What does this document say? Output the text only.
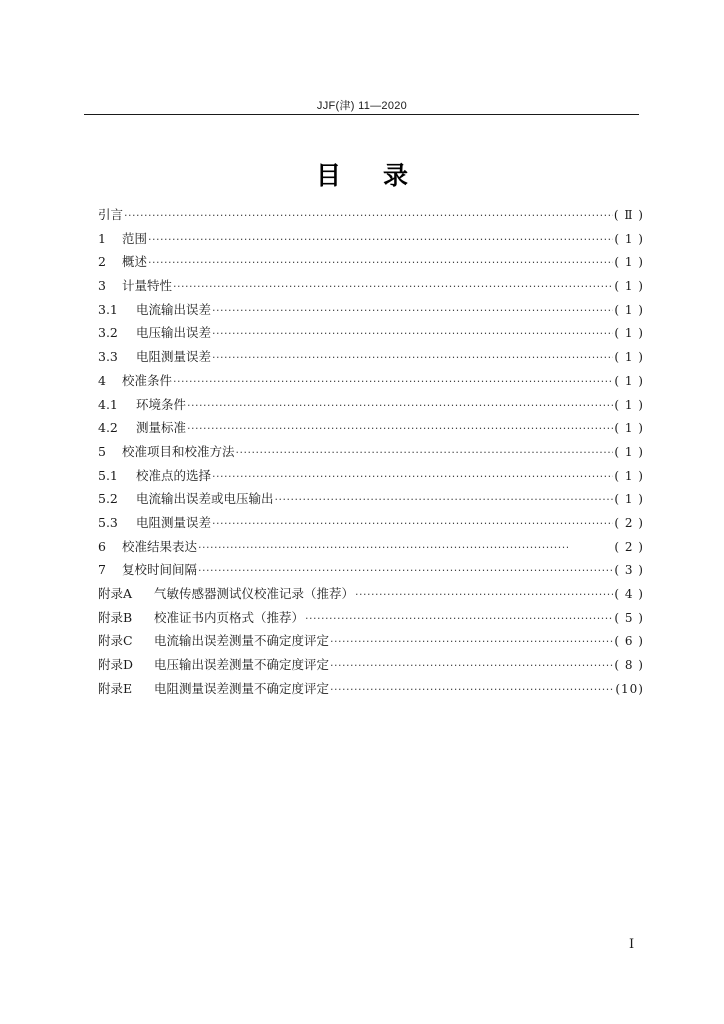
JJF(津) 11—2020
目 录
引言 ·····	( Ⅱ )
1	范围 ·····	( 1 )
2	概述 ·····	( 1 )
3	计量特性 ·····	( 1 )
3.1	电流输出误差 ·····	( 1 )
3.2	电压输出误差 ·····	( 1 )
3.3	电阻测量误差 ·····	( 1 )
4	校准条件 ·····	( 1 )
4.1	环境条件 ·····	( 1 )
4.2	测量标准 ·····	( 1 )
5	校准项目和校准方法 ·····	( 1 )
5.1	校准点的选择 ·····	( 1 )
5.2	电流输出误差或电压输出 ·····	( 1 )
5.3	电阻测量误差 ·····	( 2 )
6	校准结果表达 ·····	( 2 )
7	复校时间间隔 ·····	( 3 )
附录A	气敏传感器测试仪校准记录（推荐） ·····	( 4 )
附录B	校准证书内页格式（推荐） ·····	( 5 )
附录C	电流输出误差测量不确定度评定 ·····	( 6 )
附录D	电压输出误差测量不确定度评定 ·····	( 8 )
附录E	电阻测量误差测量不确定度评定 ·····	(10)
I
